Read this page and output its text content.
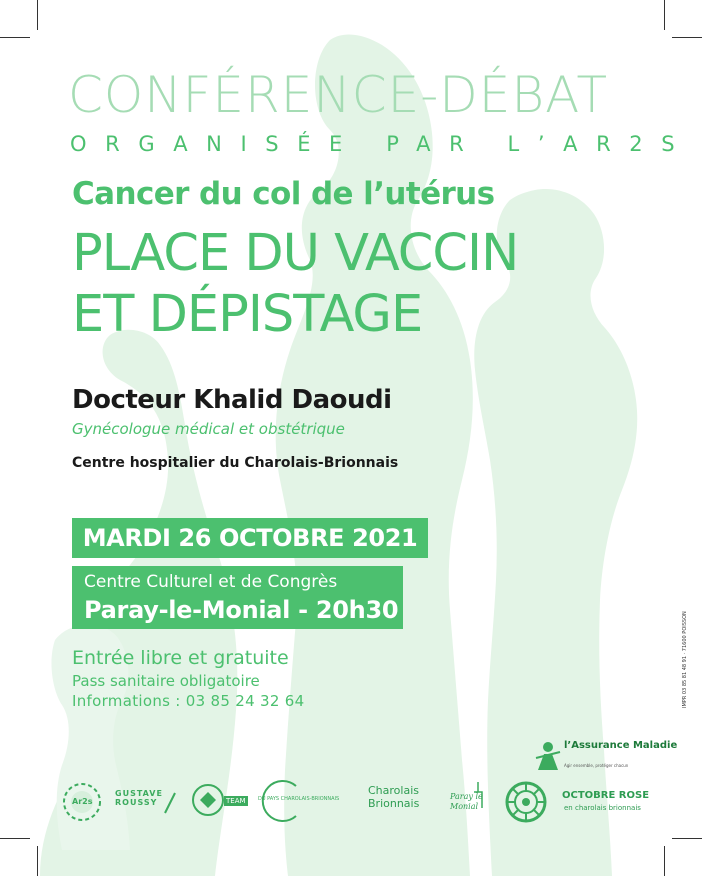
CONFÉRENCE-DÉBAT
ORGANISÉE PAR L’AR2S
Cancer du col de l’utérus
PLACE DU VACCIN
ET DÉPISTAGE
Docteur Khalid Daoudi
Gynécologue médical et obstétrique
Centre hospitalier du Charolais-Brionnais
MARDI 26 OCTOBRE 2021
Centre Culturel et de Congrès
Paray-le-Monial - 20h30
Entrée libre et gratuite
Pass sanitaire obligatoire
Informations : 03 85 24 32 64	IMPR 03 85 81 48 91 · 71600 POISSON
l’Assurance Maladie
Agir ensemble, protéger chacun
Ar2s
GUSTAVE ROUSSY	TEAM	DU PAYS CHAROLAIS-BRIONNAIS
Charolais Brionnais
Paray le Monial
OCTOBRE ROSE
en charolais brionnais
